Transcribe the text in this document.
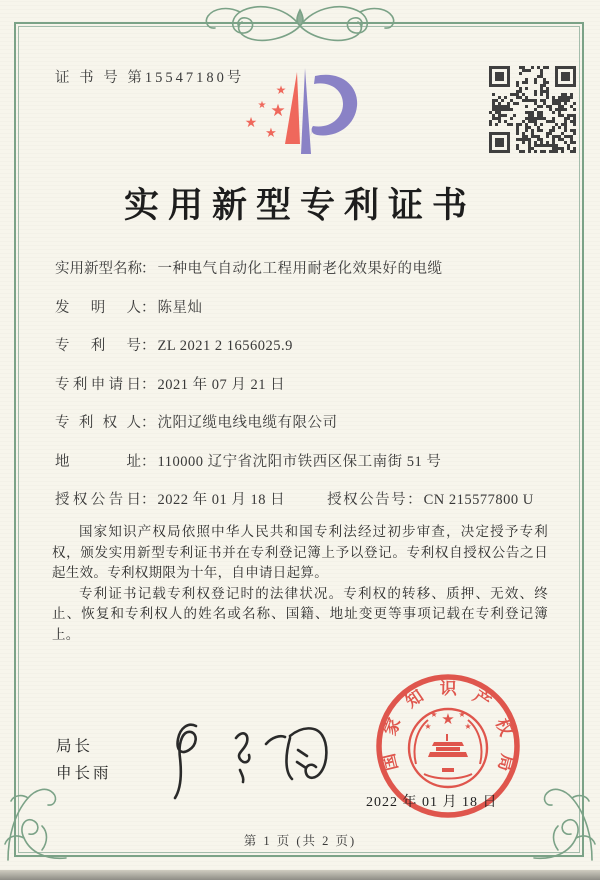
证 书 号 第15547180号
★
★ ★
★
★
实用新型专利证书
实用新型名称 ： 一种电气自动化工程用耐老化效果好的电缆
发明人 ： 陈星灿
专利号 ： ZL 2021 2 1656025.9
专利申请日 ： 2021 年 07 月 21 日
专利权人 ： 沈阳辽缆电线电缆有限公司
地址 ： 110000 辽宁省沈阳市铁西区保工南街 51 号
授权公告日 ： 2022 年 01 月 18 日	授权公告号 ： CN 215577800 U

国家知识产权局依照中华人民共和国专利法经过初步审查，决定授予专利权，颁发实用新型专利证书并在专利登记簿上予以登记。专利权自授权公告之日起生效。专利权期限为十年，自申请日起算。

专利证书记载专利权登记时的法律状况。专利权的转移、质押、无效、终止、恢复和专利权人的姓名或名称、国籍、地址变更等事项记载在专利登记簿上。

局长
申长雨
★
★	★
★	★
国家知识产权局
2022 年 01 月 18 日
第 1 页 (共 2 页)
